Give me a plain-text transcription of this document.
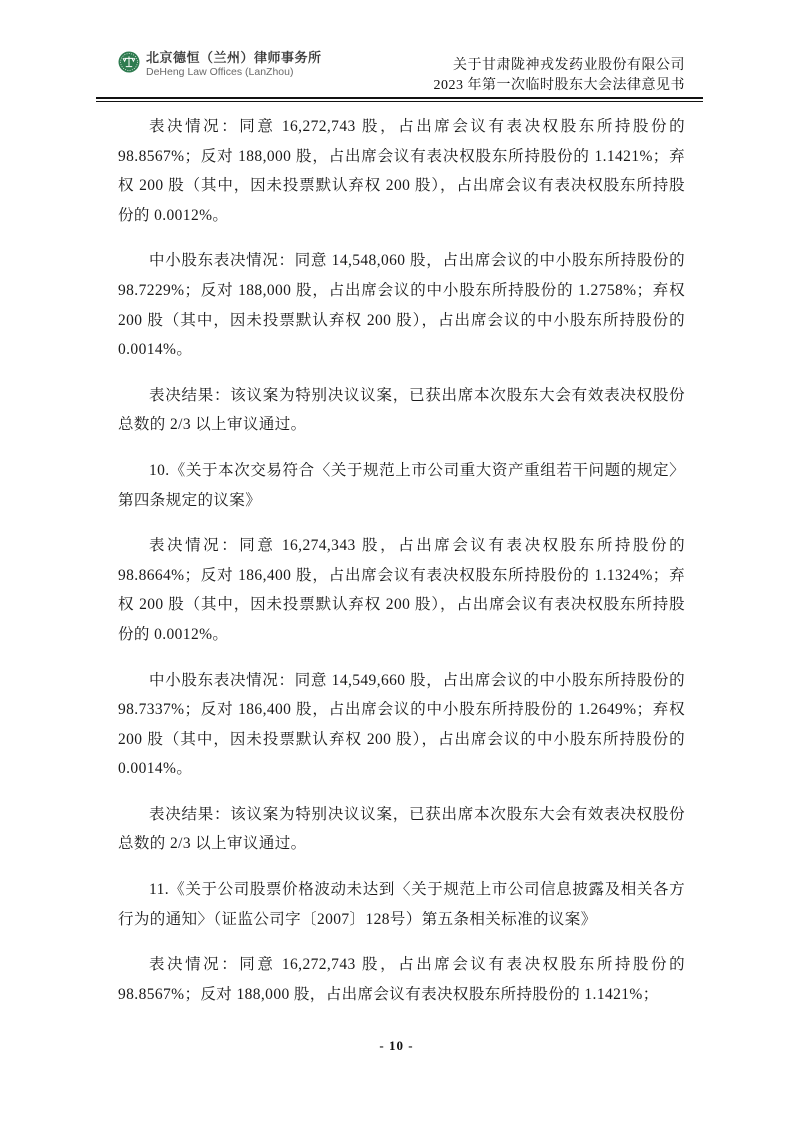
北京德恒（兰州）律师事务所
DeHeng Law Offices (LanZhou)	关于甘肃陇神戎发药业股份有限公司
2023 年第一次临时股东大会法律意见书

表决情况：同意 16,272,743 股，占出席会议有表决权股东所持股份的 98.8567%；反对 188,000 股，占出席会议有表决权股东所持股份的 1.1421%；弃权 200 股（其中，因未投票默认弃权 200 股），占出席会议有表决权股东所持股份的 0.0012%。

中小股东表决情况：同意 14,548,060 股，占出席会议的中小股东所持股份的 98.7229%；反对 188,000 股，占出席会议的中小股东所持股份的 1.2758%；弃权 200 股（其中，因未投票默认弃权 200 股），占出席会议的中小股东所持股份的 0.0014%。

表决结果：该议案为特别决议议案，已获出席本次股东大会有效表决权股份总数的 2/3 以上审议通过。

10.《关于本次交易符合〈关于规范上市公司重大资产重组若干问题的规定〉第四条规定的议案》

表决情况：同意 16,274,343 股，占出席会议有表决权股东所持股份的 98.8664%；反对 186,400 股，占出席会议有表决权股东所持股份的 1.1324%；弃权 200 股（其中，因未投票默认弃权 200 股），占出席会议有表决权股东所持股份的 0.0012%。

中小股东表决情况：同意 14,549,660 股，占出席会议的中小股东所持股份的 98.7337%；反对 186,400 股，占出席会议的中小股东所持股份的 1.2649%；弃权 200 股（其中，因未投票默认弃权 200 股），占出席会议的中小股东所持股份的 0.0014%。

表决结果：该议案为特别决议议案，已获出席本次股东大会有效表决权股份总数的 2/3 以上审议通过。

11.《关于公司股票价格波动未达到〈关于规范上市公司信息披露及相关各方行为的通知〉（证监公司字〔2007〕128号）第五条相关标准的议案》

表决情况：同意 16,272,743 股，占出席会议有表决权股东所持股份的 98.8567%；反对 188,000 股，占出席会议有表决权股东所持股份的 1.1421%；

- 10 -
